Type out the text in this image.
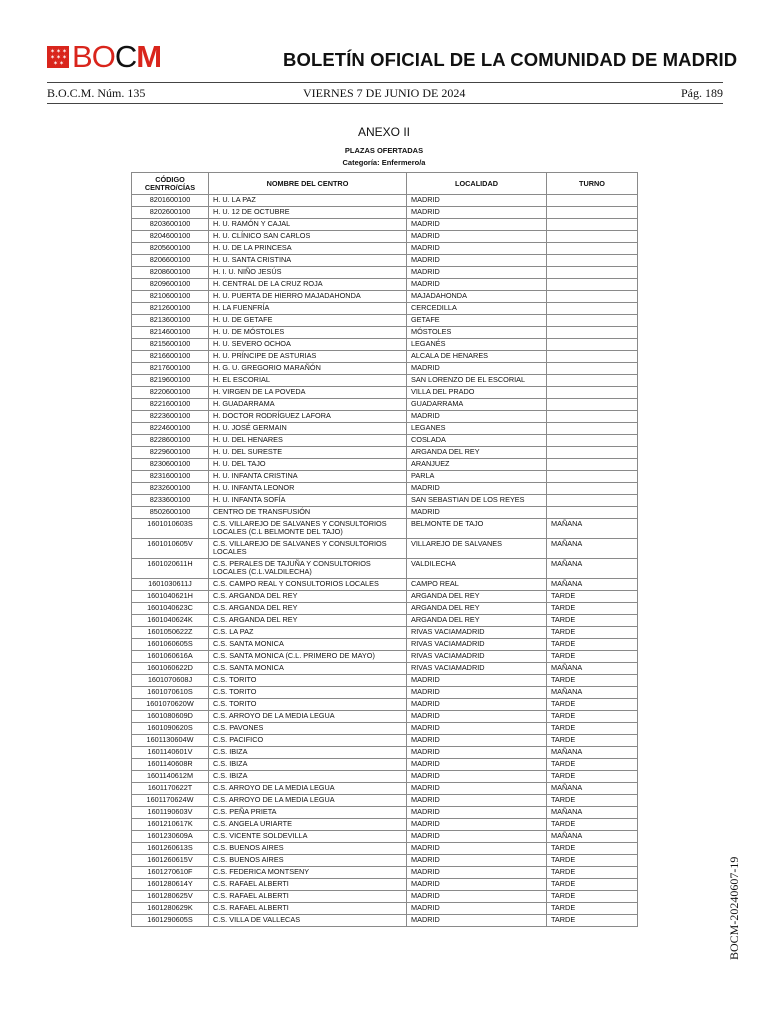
✶ ✶ ✶
✶ ✶ ✶
✶ ✶ BOCM	BOLETÍN OFICIAL DE LA COMUNIDAD DE MADRID
B.O.C.M. Núm. 135	VIERNES 7 DE JUNIO DE 2024	Pág. 189
ANEXO II
PLAZAS OFERTADAS
Categoría: Enfermero/a
CÓDIGO CENTRO/CÍAS	NOMBRE DEL CENTRO	LOCALIDAD	TURNO
8201600100	H. U. LA PAZ	MADRID	
8202600100	H. U. 12 DE OCTUBRE	MADRID	
8203600100	H. U. RAMÓN Y CAJAL	MADRID	
8204600100	H. U. CLÍNICO SAN CARLOS	MADRID	
8205600100	H. U. DE LA PRINCESA	MADRID	
8206600100	H. U. SANTA CRISTINA	MADRID	
8208600100	H. I. U. NIÑO JESÚS	MADRID	
8209600100	H. CENTRAL DE LA CRUZ ROJA	MADRID	
8210600100	H. U. PUERTA DE HIERRO MAJADAHONDA	MAJADAHONDA	
8212600100	H. LA FUENFRÍA	CERCEDILLA	
8213600100	H. U. DE GETAFE	GETAFE	
8214600100	H. U. DE MÓSTOLES	MÓSTOLES	
8215600100	H. U. SEVERO OCHOA	LEGANÉS	
8216600100	H. U. PRÍNCIPE DE ASTURIAS	ALCALA DE HENARES	
8217600100	H. G. U. GREGORIO MARAÑÓN	MADRID	
8219600100	H. EL ESCORIAL	SAN LORENZO DE EL ESCORIAL	
8220600100	H. VIRGEN DE LA POVEDA	VILLA DEL PRADO	
8221600100	H. GUADARRAMA	GUADARRAMA	
8223600100	H. DOCTOR RODRÍGUEZ LAFORA	MADRID	
8224600100	H. U. JOSÉ GERMAIN	LEGANES	
8228600100	H. U. DEL HENARES	COSLADA	
8229600100	H. U. DEL SURESTE	ARGANDA DEL REY	
8230600100	H. U. DEL TAJO	ARANJUEZ	
8231600100	H. U. INFANTA CRISTINA	PARLA	
8232600100	H. U. INFANTA LEONOR	MADRID	
8233600100	H. U. INFANTA SOFÍA	SAN SEBASTIAN DE LOS REYES	
8502600100	CENTRO DE TRANSFUSIÓN	MADRID	
1601010603S	C.S. VILLAREJO DE SALVANES Y CONSULTORIOS LOCALES (C.L BELMONTE DEL TAJO)	BELMONTE DE TAJO	MAÑANA
1601010605V	C.S. VILLAREJO DE SALVANES Y CONSULTORIOS LOCALES	VILLAREJO DE SALVANES	MAÑANA
1601020611H	C.S. PERALES DE TAJUÑA Y CONSULTORIOS LOCALES (C.L.VALDILECHA)	VALDILECHA	MAÑANA
1601030611J	C.S. CAMPO REAL Y CONSULTORIOS LOCALES	CAMPO REAL	MAÑANA
1601040621H	C.S. ARGANDA DEL REY	ARGANDA DEL REY	TARDE
1601040623C	C.S. ARGANDA DEL REY	ARGANDA DEL REY	TARDE
1601040624K	C.S. ARGANDA DEL REY	ARGANDA DEL REY	TARDE
1601050622Z	C.S. LA PAZ	RIVAS VACIAMADRID	TARDE
1601060605S	C.S. SANTA MONICA	RIVAS VACIAMADRID	TARDE
1601060616A	C.S. SANTA MONICA (C.L. PRIMERO DE MAYO)	RIVAS VACIAMADRID	TARDE
1601060622D	C.S. SANTA MONICA	RIVAS VACIAMADRID	MAÑANA
1601070608J	C.S. TORITO	MADRID	TARDE
1601070610S	C.S. TORITO	MADRID	MAÑANA
1601070620W	C.S. TORITO	MADRID	TARDE
1601080609D	C.S. ARROYO DE LA MEDIA LEGUA	MADRID	TARDE
1601090620S	C.S. PAVONES	MADRID	TARDE
1601130604W	C.S. PACIFICO	MADRID	TARDE
1601140601V	C.S. IBIZA	MADRID	MAÑANA
1601140608R	C.S. IBIZA	MADRID	TARDE
1601140612M	C.S. IBIZA	MADRID	TARDE
1601170622T	C.S. ARROYO DE LA MEDIA LEGUA	MADRID	MAÑANA
1601170624W	C.S. ARROYO DE LA MEDIA LEGUA	MADRID	TARDE
1601190603V	C.S. PEÑA PRIETA	MADRID	MAÑANA
1601210617K	C.S. ANGELA URIARTE	MADRID	TARDE
1601230609A	C.S. VICENTE SOLDEVILLA	MADRID	MAÑANA
1601260613S	C.S. BUENOS AIRES	MADRID	TARDE
1601260615V	C.S. BUENOS AIRES	MADRID	TARDE
1601270610F	C.S. FEDERICA MONTSENY	MADRID	TARDE
1601280614Y	C.S. RAFAEL ALBERTI	MADRID	TARDE
1601280625V	C.S. RAFAEL ALBERTI	MADRID	TARDE
1601280629K	C.S. RAFAEL ALBERTI	MADRID	TARDE
1601290605S	C.S. VILLA DE VALLECAS	MADRID	TARDE	BOCM-20240607-19
